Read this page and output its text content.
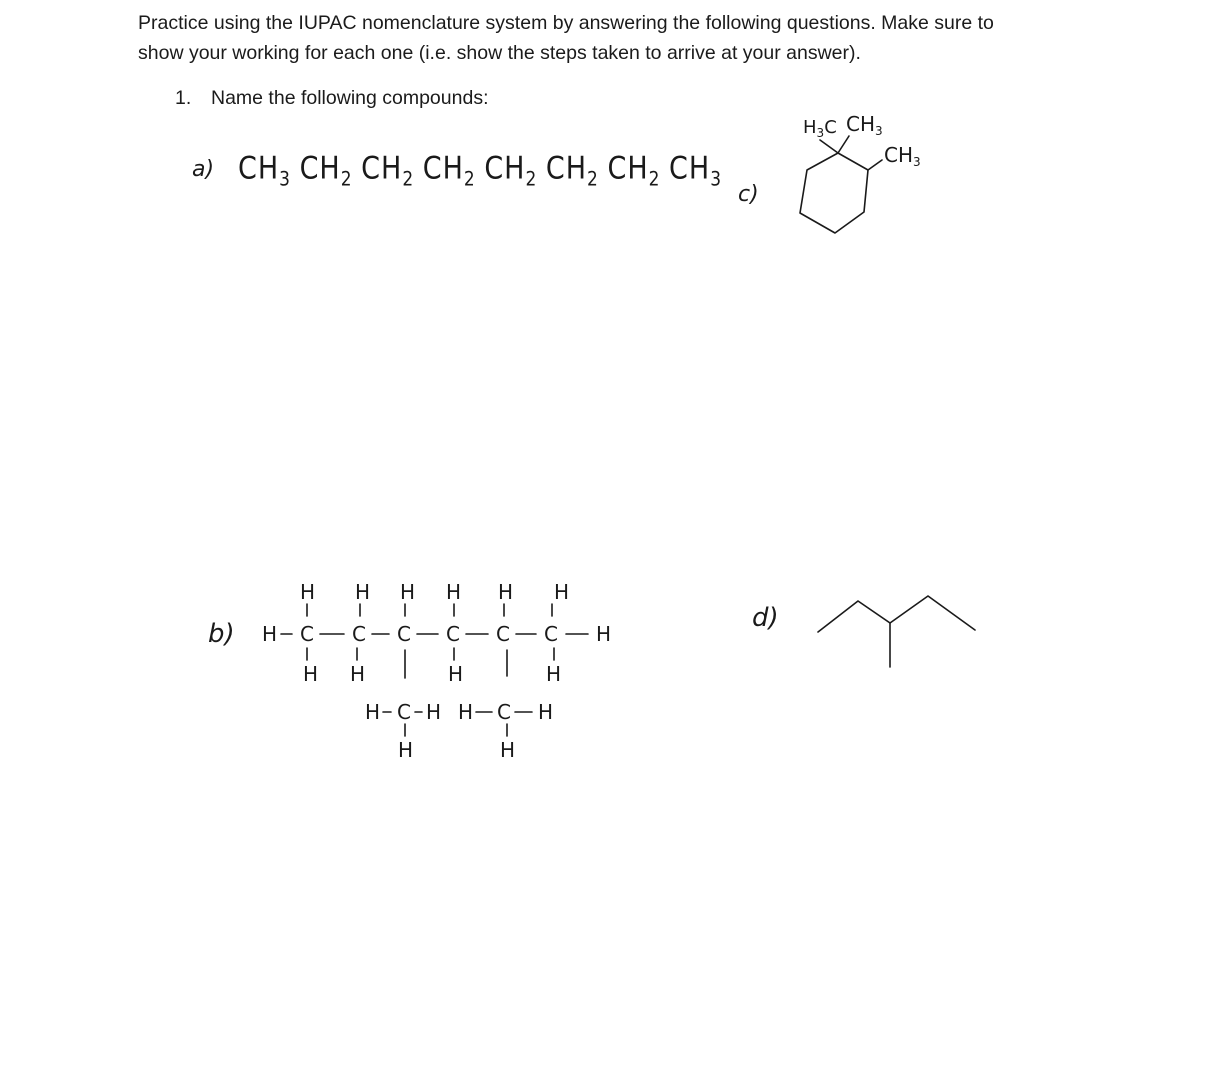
Practice using the IUPAC nomenclature system by answering the following questions. Make sure to
show your working for each one (i.e. show the steps taken to arrive at your answer).
1. Name the following compounds:
a) $CH_3$ $CH_2$ $CH_2$ $CH_2$ $CH_2$ $CH_2$ $CH_2$ $CH_3$
c)
$H_3C$ $CH_3$
$CH_3$
b)
H H H H H H
H C C C C C C H
H H	H	H
H C H
H
H C H
H
d)
